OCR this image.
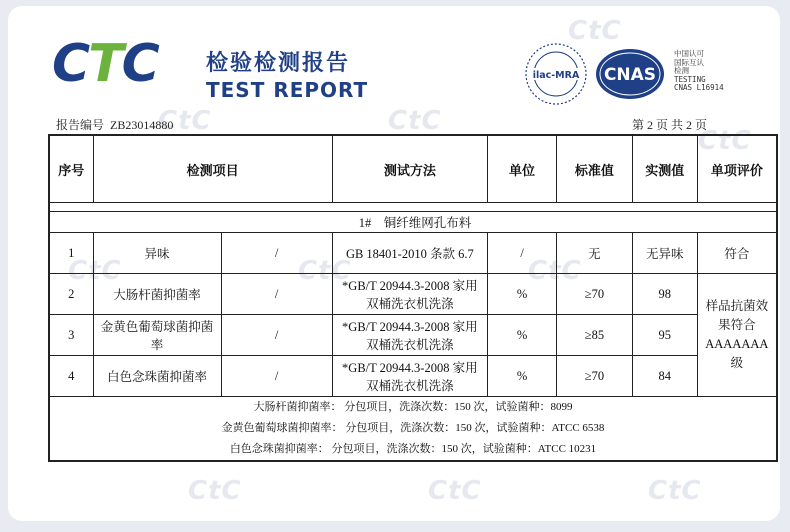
CtC	CtC
CtC	CtC	CtC
CtC
CtC	CtC	CtC
CtC
CTC 检验检测报告
TEST REPORT
ilac-MRA CNAS
中国认可
国际互认
检测
TESTING
CNAS L16914
报告编号 ZB23014880	第 2 页 共 2 页
序号	检测项目		测试方法	单位	标准值	实测值	单项评价

1# 铜纤维网孔布料							
1	异味	/	GB 18401-2010 条款 6.7	/	无	无异味	符合
2	大肠杆菌抑菌率	/	*GB/T 20944.3-2008 家用双桶洗衣机洗涤	%	≥70	98	样品抗菌效果符合AAAAAAA级
3	金黄色葡萄球菌抑菌率	/	*GB/T 20944.3-2008 家用双桶洗衣机洗涤	%	≥85	95	
4	白色念珠菌抑菌率	/	*GB/T 20944.3-2008 家用双桶洗衣机洗涤	%	≥70	84	

大肠杆菌抑菌率： 分包项目，洗涤次数：150 次，试验菌种：8099
金黄色葡萄球菌抑菌率： 分包项目，洗涤次数：150 次，试验菌种：ATCC 6538
白色念珠菌抑菌率： 分包项目，洗涤次数：150 次，试验菌种：ATCC 10231							
